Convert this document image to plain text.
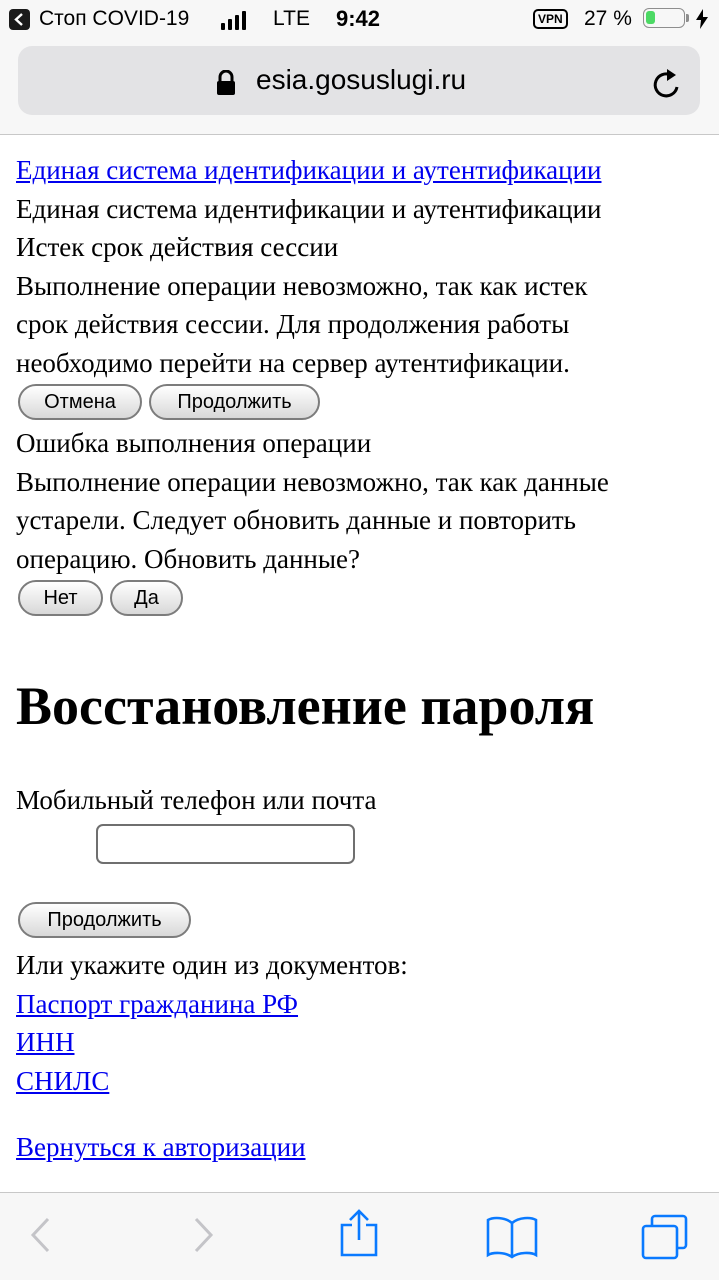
Стоп COVID-19	LTE 9:42	VPN 27 %
esia.gosuslugi.ru
Единая система идентификации и аутентификации
Единая система идентификации и аутентификации
Истек срок действия сессии
Выполнение операции невозможно, так как истек
срок действия сессии. Для продолжения работы
необходимо перейти на сервер аутентификации.
Отмена	Продолжить
Ошибка выполнения операции
Выполнение операции невозможно, так как данные
устарели. Следует обновить данные и повторить
операцию. Обновить данные?
Нет	Да
Восстановление пароля
Мобильный телефон или почта
Продолжить
Или укажите один из документов:
Паспорт гражданина РФ
ИНН
СНИЛС
Вернуться к авторизации
